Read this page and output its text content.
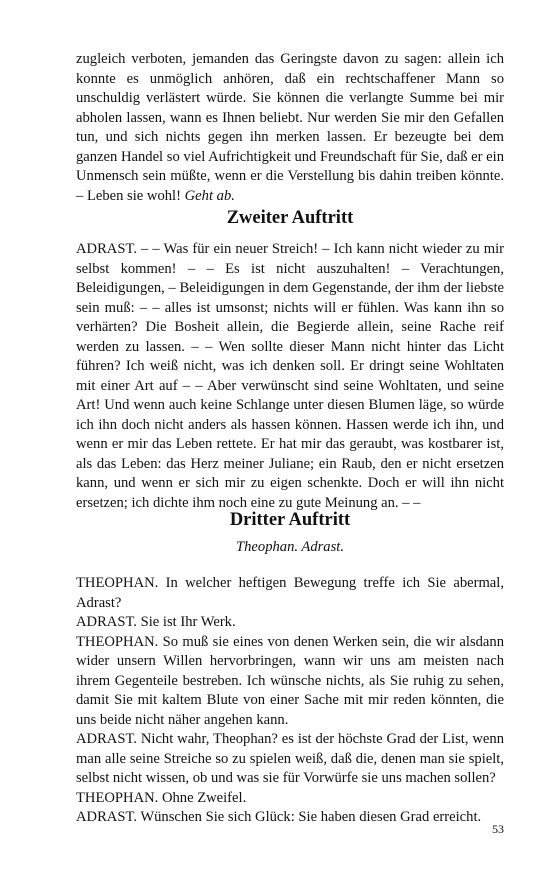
zugleich verboten, jemanden das Geringste davon zu sagen: allein ich konnte es unmöglich anhören, daß ein rechtschaffener Mann so unschuldig verlästert würde. Sie können die verlangte Summe bei mir abholen lassen, wann es Ihnen beliebt. Nur werden Sie mir den Gefallen tun, und sich nichts gegen ihn merken lassen. Er bezeugte bei dem ganzen Handel so viel Aufrichtigkeit und Freundschaft für Sie, daß er ein Unmensch sein müßte, wenn er die Verstellung bis dahin treiben könnte. – Leben sie wohl! Geht ab.

Zweiter Auftritt

ADRAST. – – Was für ein neuer Streich! – Ich kann nicht wieder zu mir selbst kommen! – – Es ist nicht auszuhalten! – Verachtungen, Beleidigungen, – Beleidigungen in dem Gegenstande, der ihm der liebste sein muß: – – alles ist umsonst; nichts will er fühlen. Was kann ihn so verhärten? Die Bosheit allein, die Begierde allein, seine Rache reif werden zu lassen. – – Wen sollte dieser Mann nicht hinter das Licht führen? Ich weiß nicht, was ich denken soll. Er dringt seine Wohltaten mit einer Art auf – – Aber verwünscht sind seine Wohltaten, und seine Art! Und wenn auch keine Schlange unter diesen Blumen läge, so würde ich ihn doch nicht anders als hassen können. Hassen werde ich ihn, und wenn er mir das Leben rettete. Er hat mir das geraubt, was kostbarer ist, als das Leben: das Herz meiner Juliane; ein Raub, den er nicht ersetzen kann, und wenn er sich mir zu eigen schenkte. Doch er will ihn nicht ersetzen; ich dichte ihm noch eine zu gute Meinung an. – –

Dritter Auftritt

Theophan. Adrast.

THEOPHAN. In welcher heftigen Bewegung treffe ich Sie abermal, Adrast?

ADRAST. Sie ist Ihr Werk.

THEOPHAN. So muß sie eines von denen Werken sein, die wir alsdann wider unsern Willen hervorbringen, wann wir uns am meisten nach ihrem Gegenteile bestreben. Ich wünsche nichts, als Sie ruhig zu sehen, damit Sie mit kaltem Blute von einer Sache mit mir reden könnten, die uns beide nicht näher angehen kann.

ADRAST. Nicht wahr, Theophan? es ist der höchste Grad der List, wenn man alle seine Streiche so zu spielen weiß, daß die, denen man sie spielt, selbst nicht wissen, ob und was sie für Vorwürfe sie uns machen sollen?

THEOPHAN. Ohne Zweifel.

ADRAST. Wünschen Sie sich Glück: Sie haben diesen Grad erreicht.

53
